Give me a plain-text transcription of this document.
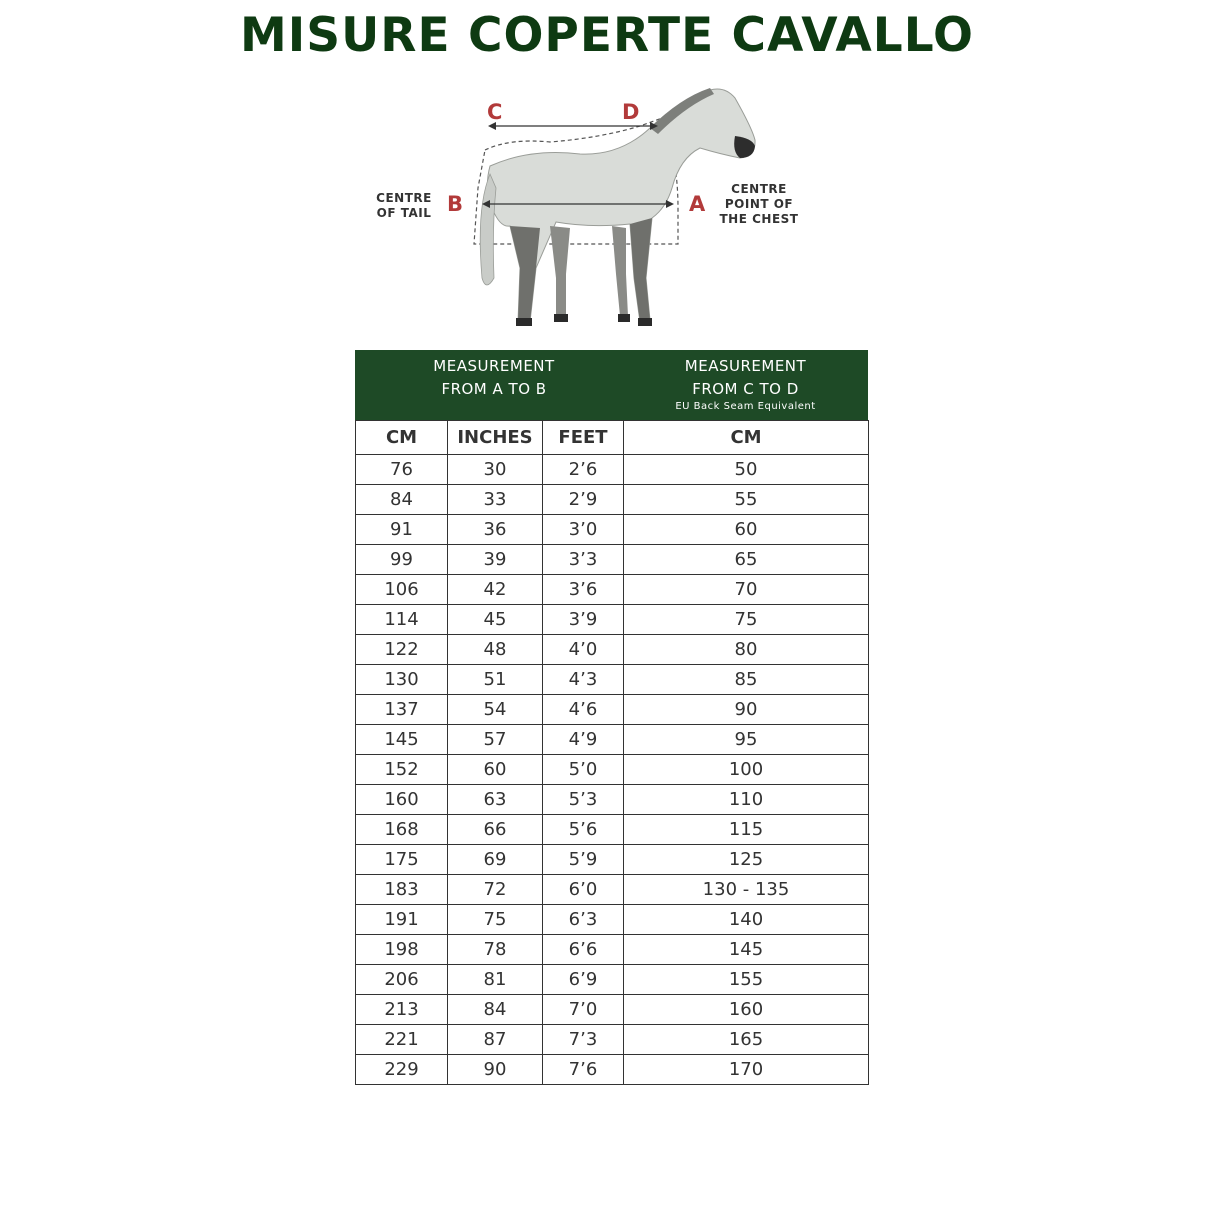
MISURE COPERTE CAVALLO
C	D
B	A
CENTRE
OF TAIL
CENTRE
POINT OF
THE CHEST
MEASUREMENT
FROM A TO B
MEASUREMENT
FROM C TO D
EU Back Seam Equivalent
CM	INCHES	FEET	CM
76	30	2’6	50
84	33	2’9	55
91	36	3’0	60
99	39	3’3	65
106	42	3’6	70
114	45	3’9	75
122	48	4’0	80
130	51	4’3	85
137	54	4’6	90
145	57	4’9	95
152	60	5’0	100
160	63	5’3	110
168	66	5’6	115
175	69	5’9	125
183	72	6’0	130 - 135
191	75	6’3	140
198	78	6’6	145
206	81	6’9	155
213	84	7’0	160
221	87	7’3	165
229	90	7’6	170
